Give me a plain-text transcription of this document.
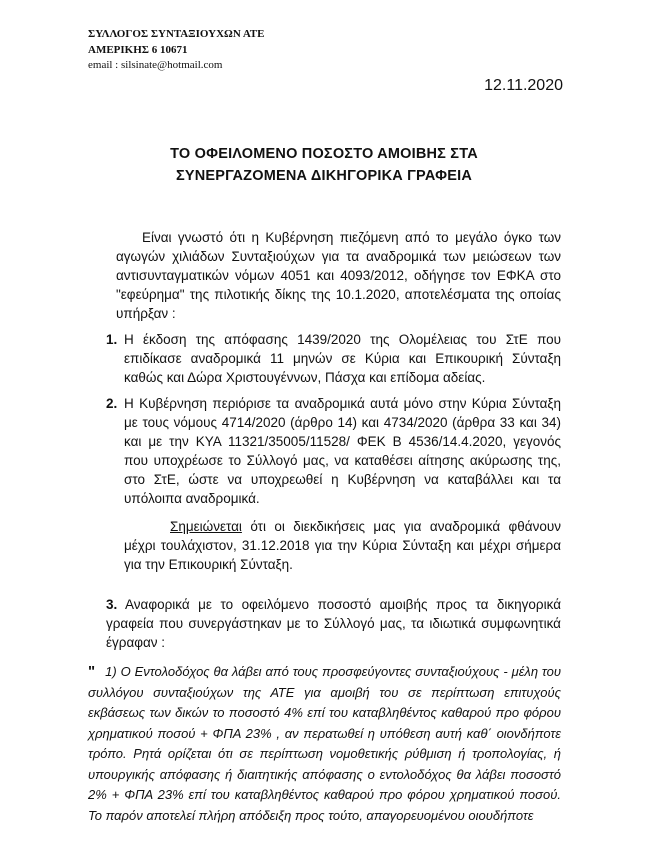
ΣΥΛΛΟΓΟΣ ΣΥΝΤΑΞΙΟΥΧΩΝ ΑΤΕ
ΑΜΕΡΙΚΗΣ 6 10671
email : silsinate@hotmail.com
12.11.2020
ΤΟ ΟΦΕΙΛΟΜΕΝΟ ΠΟΣΟΣΤΟ ΑΜΟΙΒΗΣ ΣΤΑ
ΣΥΝΕΡΓΑΖΟΜΕΝΑ ΔΙΚΗΓΟΡΙΚΑ ΓΡΑΦΕΙΑ

Είναι γνωστό ότι η Κυβέρνηση πιεζόμενη από το μεγάλο όγκο των αγωγών χιλιάδων Συνταξιούχων για τα αναδρομικά των μειώσεων των αντισυνταγματικών νόμων 4051 και 4093/2012, οδήγησε τον ΕΦΚΑ στο "εφεύρημα" της πιλοτικής δίκης της 10.1.2020, αποτελέσματα της οποίας υπήρξαν :

1. Η έκδοση της απόφασης 1439/2020 της Ολομέλειας του ΣτΕ που επιδίκασε αναδρομικά 11 μηνών σε Κύρια και Επικουρική Σύνταξη καθώς και Δώρα Χριστουγέννων, Πάσχα και επίδομα αδείας.
2. Η Κυβέρνηση περιόρισε τα αναδρομικά αυτά μόνο στην Κύρια Σύνταξη με τους νόμους 4714/2020 (άρθρο 14) και 4734/2020 (άρθρα 33 και 34) και με την ΚΥΑ 11321/35005/11528/ ΦΕΚ Β 4536/14.4.2020, γεγονός που υποχρέωσε το Σύλλογό μας, να καταθέσει αίτησης ακύρωσης της, στο ΣτΕ, ώστε να υποχρεωθεί η Κυβέρνηση να καταβάλλει και τα υπόλοιπα αναδρομικά.

Σημειώνεται ότι οι διεκδικήσεις μας για αναδρομικά φθάνουν μέχρι τουλάχιστον, 31.12.2018 για την Κύρια Σύνταξη και μέχρι σήμερα για την Επικουρική Σύνταξη.

3. Αναφορικά με το οφειλόμενο ποσοστό αμοιβής προς τα δικηγορικά γραφεία που συνεργάστηκαν με το Σύλλογό μας, τα ιδιωτικά συμφωνητικά έγραφαν :

" 1) Ο Εντολοδόχος θα λάβει από τους προσφεύγοντες συνταξιούχους - μέλη του συλλόγου συνταξιούχων της ΑΤΕ για αμοιβή του σε περίπτωση επιτυχούς εκβάσεως των δικών το ποσοστό 4% επί του καταβληθέντος καθαρού προ φόρου χρηματικού ποσού + ΦΠΑ 23% , αν περατωθεί η υπόθεση αυτή καθ΄ οιονδήποτε τρόπο. Ρητά ορίζεται ότι σε περίπτωση νομοθετικής ρύθμιση ή τροπολογίας, ή υπουργικής απόφασης ή διαιτητικής απόφασης ο εντολοδόχος θα λάβει ποσοστό 2% + ΦΠΑ 23% επί του καταβληθέντος καθαρού προ φόρου χρηματικού ποσού. Το παρόν αποτελεί πλήρη απόδειξη προς τούτο, απαγορευομένου οιουδήποτε
